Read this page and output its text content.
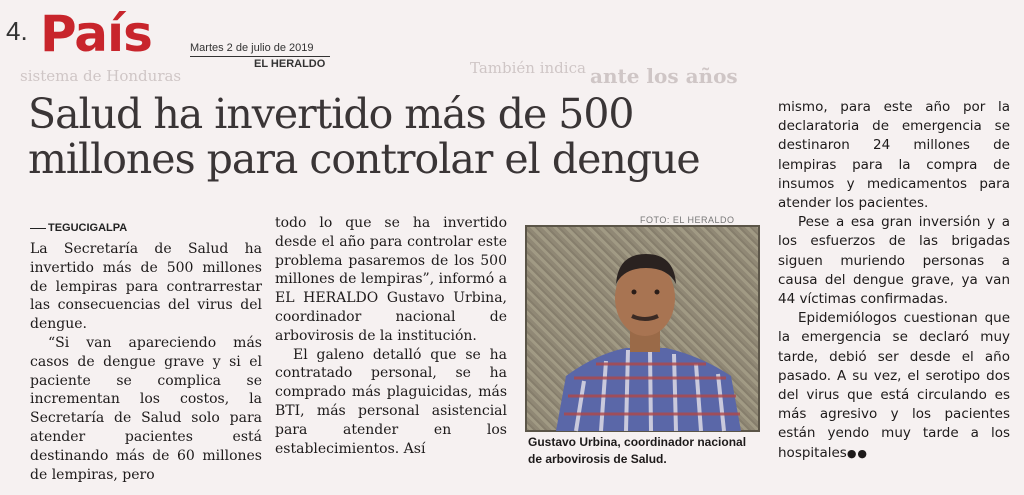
sistema de Honduras	También indica ante los años
4. País	Martes 2 de julio de 2019
EL HERALDO
Salud ha invertido más de 500 millones para controlar el dengue
TEGUCIGALPA

La Secretaría de Salud ha invertido más de 500 millones de lempiras para contrarrestar las consecuencias del virus del dengue.

“Si van apareciendo más casos de dengue grave y si el paciente se complica se incrementan los costos, la Secretaría de Salud solo para atender pacientes está destinando más de 60 millones de lempiras, pero

todo lo que se ha invertido desde el año para controlar este problema pasaremos de los 500 millones de lempiras”, informó a EL HERALDO Gustavo Urbina, coordinador nacional de arbovirosis de la institución.

El galeno detalló que se ha contratado personal, se ha comprado más plaguicidas, más BTI, más personal asistencial para atender en los establecimientos. Así

FOTO: EL HERALDO
Gustavo Urbina, coordinador nacional de arbovirosis de Salud.

mismo, para este año por la declaratoria de emergencia se destinaron 24 millones de lempiras para la compra de insumos y medicamentos para atender los pacientes.

Pese a esa gran inversión y a los esfuerzos de las brigadas siguen muriendo personas a causa del dengue grave, ya van 44 víctimas confirmadas.

Epidemiólogos cuestionan que la emergencia se declaró muy tarde, debió ser desde el año pasado. A su vez, el serotipo dos del virus que está circulando es más agresivo y los pacientes están yendo muy tarde a los hospitales●●
